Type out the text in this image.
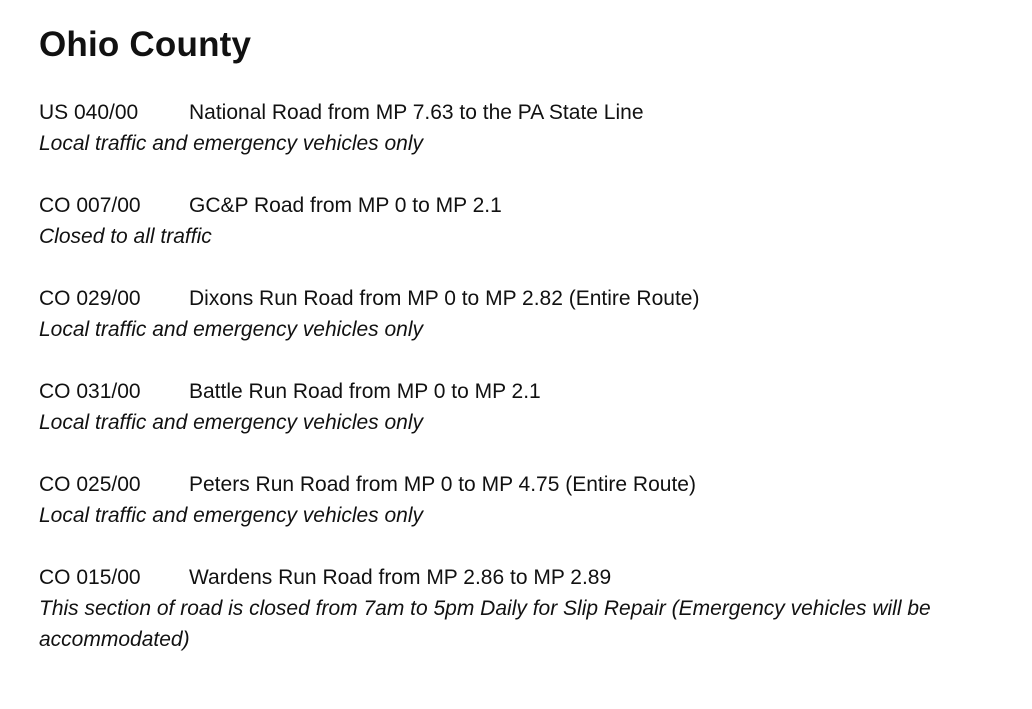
Ohio County
US 040/00 National Road from MP 7.63 to the PA State Line
Local traffic and emergency vehicles only
CO 007/00 GC&P Road from MP 0 to MP 2.1
Closed to all traffic
CO 029/00 Dixons Run Road from MP 0 to MP 2.82 (Entire Route)
Local traffic and emergency vehicles only
CO 031/00 Battle Run Road from MP 0 to MP 2.1
Local traffic and emergency vehicles only
CO 025/00 Peters Run Road from MP 0 to MP 4.75 (Entire Route)
Local traffic and emergency vehicles only
CO 015/00 Wardens Run Road from MP 2.86 to MP 2.89
This section of road is closed from 7am to 5pm Daily for Slip Repair (Emergency vehicles will be accommodated)
